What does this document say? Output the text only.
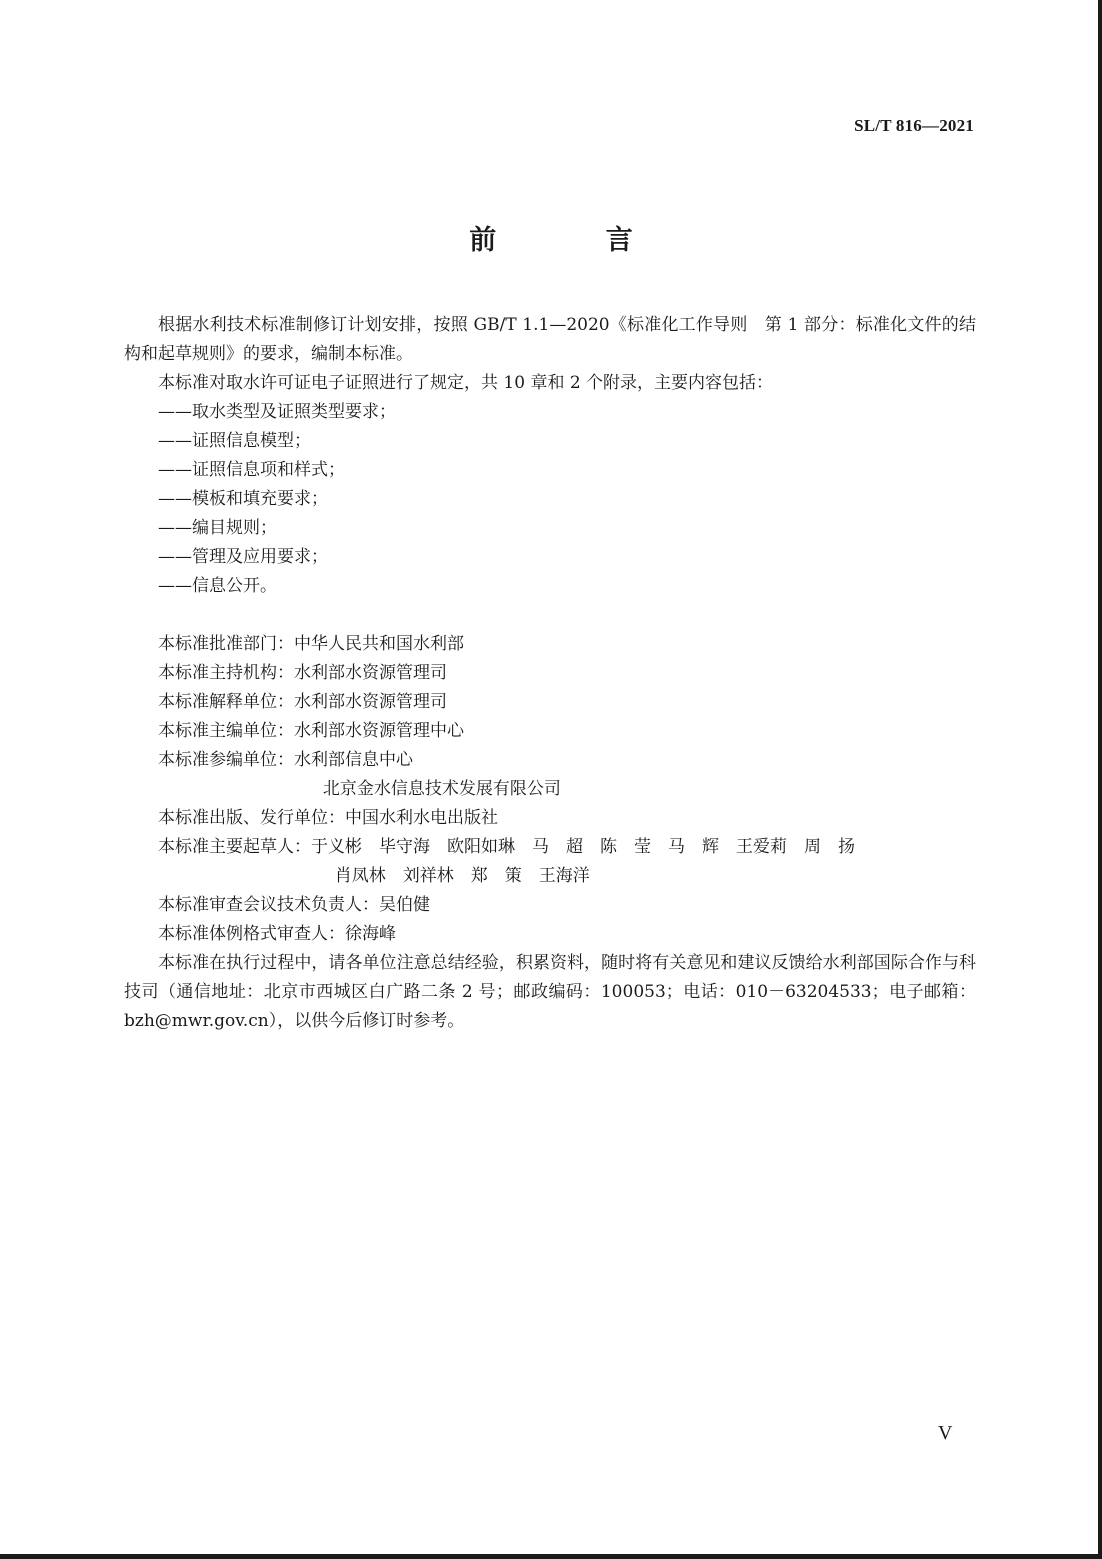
SL/T 816—2021
前 言

根据水利技术标准制修订计划安排，按照 GB/T 1.1—2020《标准化工作导则　第 1 部分：标准化文件的结构和起草规则》的要求，编制本标准。

本标准对取水许可证电子证照进行了规定，共 10 章和 2 个附录，主要内容包括：

——取水类型及证照类型要求；

——证照信息模型；

——证照信息项和样式；

——模板和填充要求；

——编目规则；

——管理及应用要求；

——信息公开。

本标准批准部门：中华人民共和国水利部

本标准主持机构：水利部水资源管理司

本标准解释单位：水利部水资源管理司

本标准主编单位：水利部水资源管理中心

本标准参编单位：水利部信息中心
北京金水信息技术发展有限公司

本标准出版、发行单位：中国水利水电出版社

本标准主要起草人：于义彬　毕守海　欧阳如琳　马　超　陈　莹　马　辉　王爱莉　周　扬
肖凤林　刘祥林　郑　策　王海洋

本标准审查会议技术负责人：吴伯健

本标准体例格式审查人：徐海峰

本标准在执行过程中，请各单位注意总结经验，积累资料，随时将有关意见和建议反馈给水利部国际合作与科技司（通信地址：北京市西城区白广路二条 2 号；邮政编码：100053；电话：010－63204533；电子邮箱：bzh@mwr.gov.cn），以供今后修订时参考。

V
